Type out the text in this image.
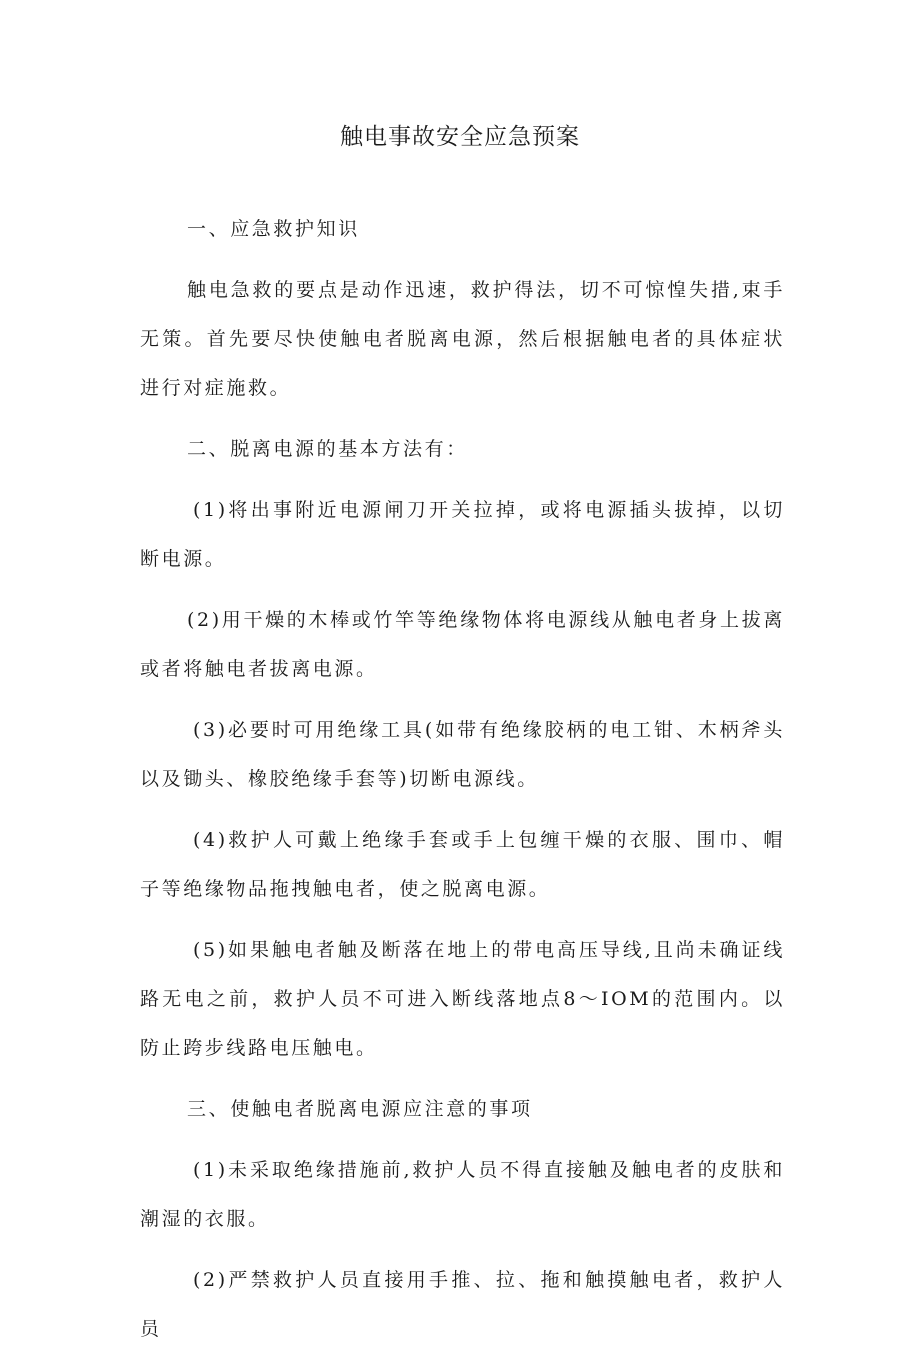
触电事故安全应急预案

一、应急救护知识

触电急救的要点是动作迅速，救护得法，切不可惊惶失措,束手无策。首先要尽快使触电者脱离电源，然后根据触电者的具体症状进行对症施救。

二、脱离电源的基本方法有：

(1)将出事附近电源闸刀开关拉掉，或将电源插头拔掉，以切断电源。

(2)用干燥的木棒或竹竿等绝缘物体将电源线从触电者身上拔离或者将触电者拔离电源。

(3)必要时可用绝缘工具(如带有绝缘胶柄的电工钳、木柄斧头以及锄头、橡胶绝缘手套等)切断电源线。

(4)救护人可戴上绝缘手套或手上包缠干燥的衣服、围巾、帽子等绝缘物品拖拽触电者，使之脱离电源。

(5)如果触电者触及断落在地上的带电高压导线,且尚未确证线路无电之前，救护人员不可进入断线落地点8～IOM的范围内。以防止跨步线路电压触电。

三、使触电者脱离电源应注意的事项

(1)未采取绝缘措施前,救护人员不得直接触及触电者的皮肤和潮湿的衣服。

(2)严禁救护人员直接用手推、拉、拖和触摸触电者，救护人员
